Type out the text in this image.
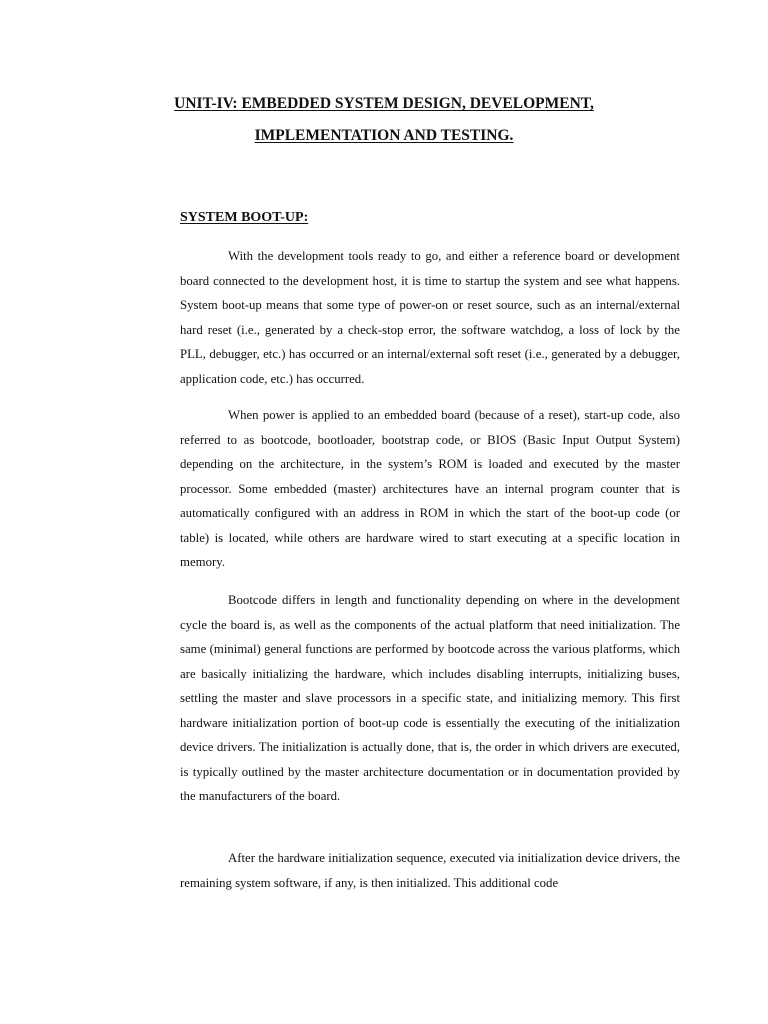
UNIT-IV: EMBEDDED SYSTEM DESIGN, DEVELOPMENT,
IMPLEMENTATION AND TESTING.
SYSTEM BOOT-UP:

With the development tools ready to go, and either a reference board or development board connected to the development host, it is time to startup the system and see what happens. System boot-up means that some type of power-on or reset source, such as an internal/external hard reset (i.e., generated by a check-stop error, the software watchdog, a loss of lock by the PLL, debugger, etc.) has occurred or an internal/external soft reset (i.e., generated by a debugger, application code, etc.) has occurred.

When power is applied to an embedded board (because of a reset), start-up code, also referred to as bootcode, bootloader, bootstrap code, or BIOS (Basic Input Output System) depending on the architecture, in the system’s ROM is loaded and executed by the master processor. Some embedded (master) architectures have an internal program counter that is automatically configured with an address in ROM in which the start of the boot-up code (or table) is located, while others are hardware wired to start executing at a specific location in memory.

Bootcode differs in length and functionality depending on where in the development cycle the board is, as well as the components of the actual platform that need initialization. The same (minimal) general functions are performed by bootcode across the various platforms, which are basically initializing the hardware, which includes disabling interrupts, initializing buses, settling the master and slave processors in a specific state, and initializing memory. This first hardware initialization portion of boot-up code is essentially the executing of the initialization device drivers. The initialization is actually done, that is, the order in which drivers are executed, is typically outlined by the master architecture documentation or in documentation provided by the manufacturers of the board.

After the hardware initialization sequence, executed via initialization device drivers, the remaining system software, if any, is then initialized. This additional code
